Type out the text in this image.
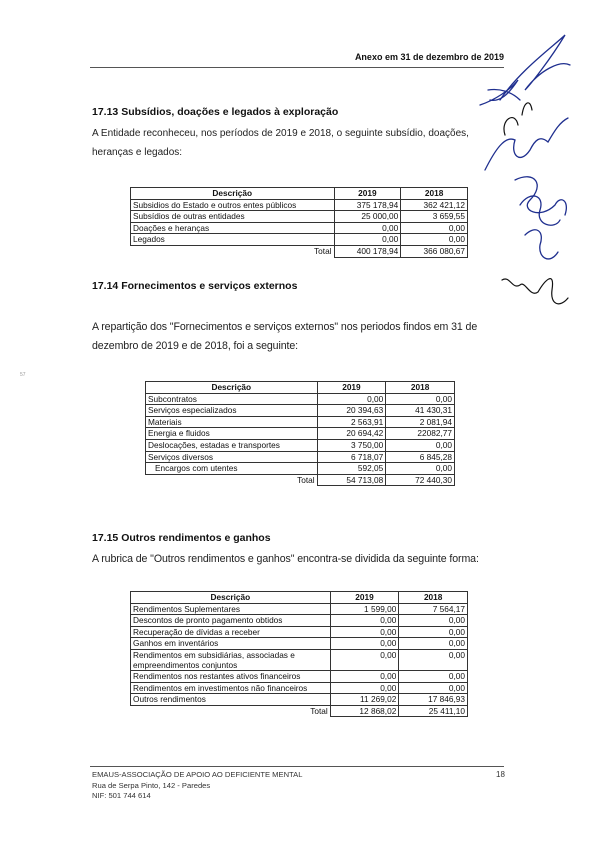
Anexo em 31 de dezembro de 2019
57
17.13 Subsídios, doações e legados à exploração
A Entidade reconheceu, nos períodos de 2019 e 2018, o seguinte subsídio, doações, heranças e legados:
Descrição	2019	2018
Subsidios do Estado e outros entes públicos	375 178,94	362 421,12
Subsídios de outras entidades	25 000,00	3 659,55
Doações e heranças	0,00	0,00
Legados	0,00	0,00
Total	400 178,94	366 080,67
17.14 Fornecimentos e serviços externos
A repartição dos "Fornecimentos e serviços externos" nos periodos findos em 31 de dezembro de 2019 e de 2018, foi a seguinte:
Descrição	2019	2018
Subcontratos	0,00	0,00
Serviços especializados	20 394,63	41 430,31
Materiais	2 563,91	2 081,94
Energia e fluidos	20 694,42	22082,77
Deslocações, estadas e transportes	3 750,00	0,00
Serviços diversos	6 718,07	6 845,28
Encargos com utentes	592,05	0,00
Total	54 713,08	72 440,30
17.15 Outros rendimentos e ganhos
A rubrica de "Outros rendimentos e ganhos" encontra-se dividida da seguinte forma:
Descrição	2019	2018
Rendimentos Suplementares	1 599,00	7 564,17
Descontos de pronto pagamento obtidos	0,00	0,00
Recuperação de dívidas a receber	0,00	0,00
Ganhos em inventários	0,00	0,00
Rendimentos em subsidiárias, associadas e empreendimentos conjuntos	0,00	0,00
Rendimentos nos restantes ativos financeiros	0,00	0,00
Rendimentos em investimentos não financeiros	0,00	0,00
Outros rendimentos	11 269,02	17 846,93
Total	12 868,02	25 411,10
EMAUS-ASSOCIAÇÃO DE APOIO AO DEFICIENTE MENTAL
Rua de Serpa Pinto, 142 - Paredes
NIF: 501 744 614
18
